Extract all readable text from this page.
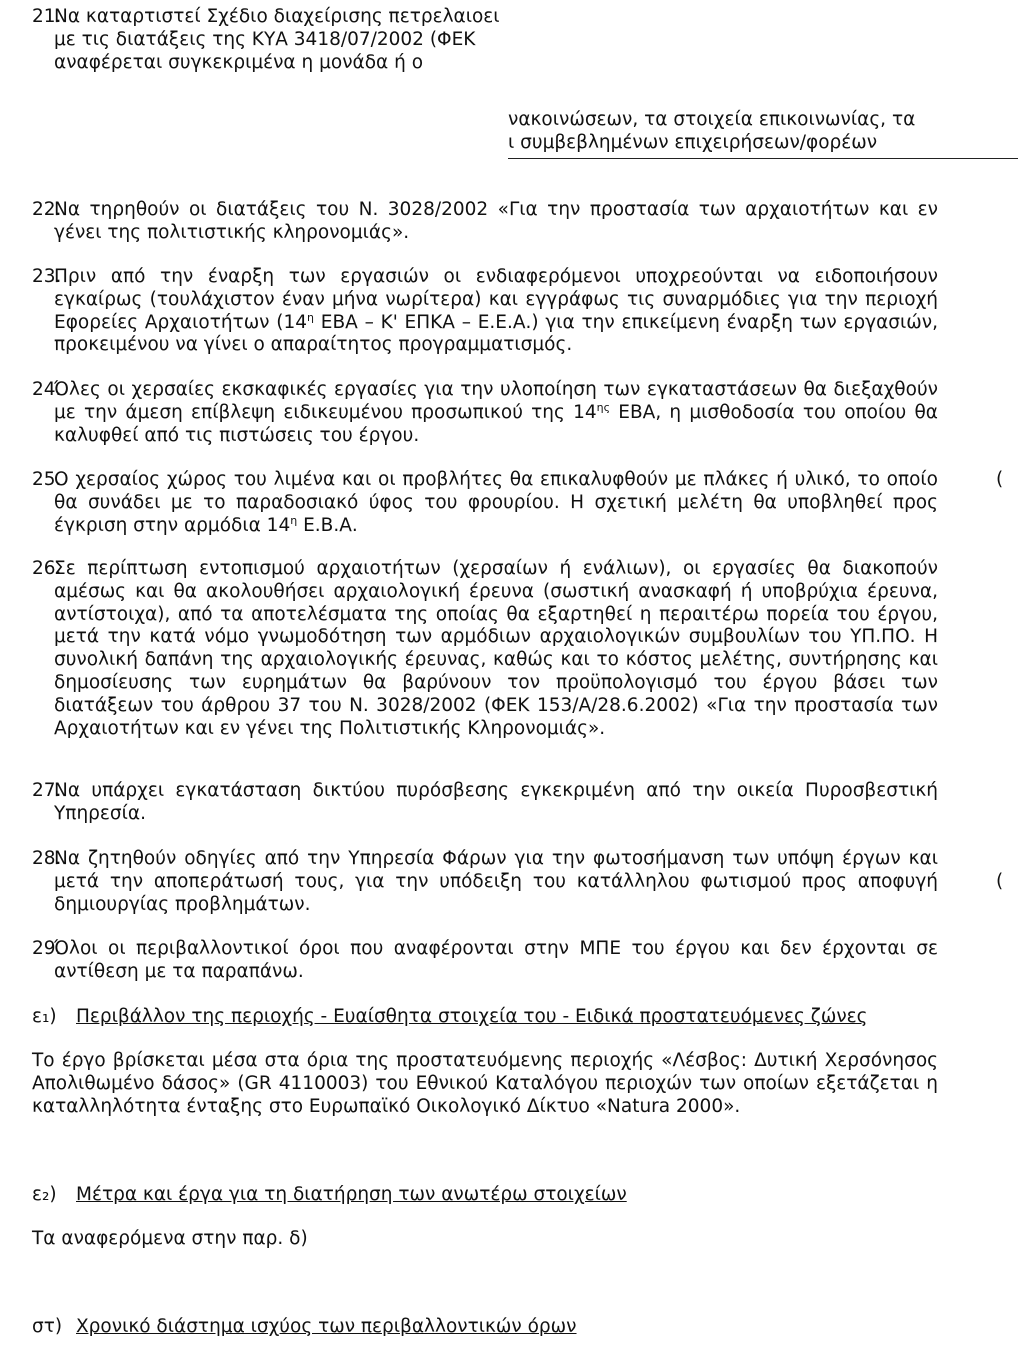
21.
Να καταρτιστεί Σχέδιο διαχείρισης πετρελαιοει
με τις διατάξεις της ΚΥΑ 3418/07/2002 (ΦΕΚ
αναφέρεται συγκεκριμένα η μονάδα ή ο
νακοινώσεων, τα στοιχεία επικοινωνίας, τα
ι συμβεβλημένων επιχειρήσεων/φορέων
22.
Να τηρηθούν οι διατάξεις του Ν. 3028/2002 «Για την προστασία των αρχαιοτήτων και εν γένει της πολιτιστικής κληρονομιάς».
23.
Πριν από την έναρξη των εργασιών οι ενδιαφερόμενοι υποχρεούνται να ειδοποιήσουν εγκαίρως (τουλάχιστον έναν μήνα νωρίτερα) και εγγράφως τις συναρμόδιες για την περιοχή Εφορείες Αρχαιοτήτων ($14^\eta$ ΕΒΑ – Κ' ΕΠΚΑ – Ε.Ε.Α.) για την επικείμενη έναρξη των εργασιών, προκειμένου να γίνει ο απαραίτητος προγραμματισμός.
24.
Όλες οι χερσαίες εκσκαφικές εργασίες για την υλοποίηση των εγκαταστάσεων θα διεξαχθούν με την άμεση επίβλεψη ειδικευμένου προσωπικού της $14^{\eta\varsigma}$ ΕΒΑ, η μισθοδοσία του οποίου θα καλυφθεί από τις πιστώσεις του έργου.
25.
Ο χερσαίος χώρος του λιμένα και οι προβλήτες θα επικαλυφθούν με πλάκες ή υλικό, το οποίο θα συνάδει με το παραδοσιακό ύφος του φρουρίου. Η σχετική μελέτη θα υποβληθεί προς έγκριση στην αρμόδια $14^\eta$ Ε.Β.Α.
(
26.
Σε περίπτωση εντοπισμού αρχαιοτήτων (χερσαίων ή ενάλιων), οι εργασίες θα διακοπούν αμέσως και θα ακολουθήσει αρχαιολογική έρευνα (σωστική ανασκαφή ή υποβρύχια έρευνα, αντίστοιχα), από τα αποτελέσματα της οποίας θα εξαρτηθεί η περαιτέρω πορεία του έργου, μετά την κατά νόμο γνωμοδότηση των αρμόδιων αρχαιολογικών συμβουλίων του ΥΠ.ΠΟ. Η συνολική δαπάνη της αρχαιολογικής έρευνας, καθώς και το κόστος μελέτης, συντήρησης και δημοσίευσης των ευρημάτων θα βαρύνουν τον προϋπολογισμό του έργου βάσει των διατάξεων του άρθρου 37 του Ν. 3028/2002 (ΦΕΚ 153/Α/28.6.2002) «Για την προστασία των Αρχαιοτήτων και εν γένει της Πολιτιστικής Κληρονομιάς».
27.
Να υπάρχει εγκατάσταση δικτύου πυρόσβεσης εγκεκριμένη από την οικεία Πυροσβεστική Υπηρεσία.
28.
Να ζητηθούν οδηγίες από την Υπηρεσία Φάρων για την φωτοσήμανση των υπόψη έργων και μετά την αποπεράτωσή τους, για την υπόδειξη του κατάλληλου φωτισμού προς αποφυγή δημιουργίας προβλημάτων.
(
29.
Όλοι οι περιβαλλοντικοί όροι που αναφέρονται στην ΜΠΕ του έργου και δεν έρχονται σε αντίθεση με τα παραπάνω.
ε₁) Περιβάλλον της περιοχής - Ευαίσθητα στοιχεία του - Ειδικά προστατευόμενες ζώνες
Το έργο βρίσκεται μέσα στα όρια της προστατευόμενης περιοχής «Λέσβος: Δυτική Χερσόνησος Απολιθωμένο δάσος» (GR 4110003) του Εθνικού Καταλόγου περιοχών των οποίων εξετάζεται η καταλληλότητα ένταξης στο Ευρωπαϊκό Οικολογικό Δίκτυο «Natura 2000».
ε₂) Μέτρα και έργα για τη διατήρηση των ανωτέρω στοιχείων
Τα αναφερόμενα στην παρ. δ)
στ) Χρονικό διάστημα ισχύος των περιβαλλοντικών όρων
